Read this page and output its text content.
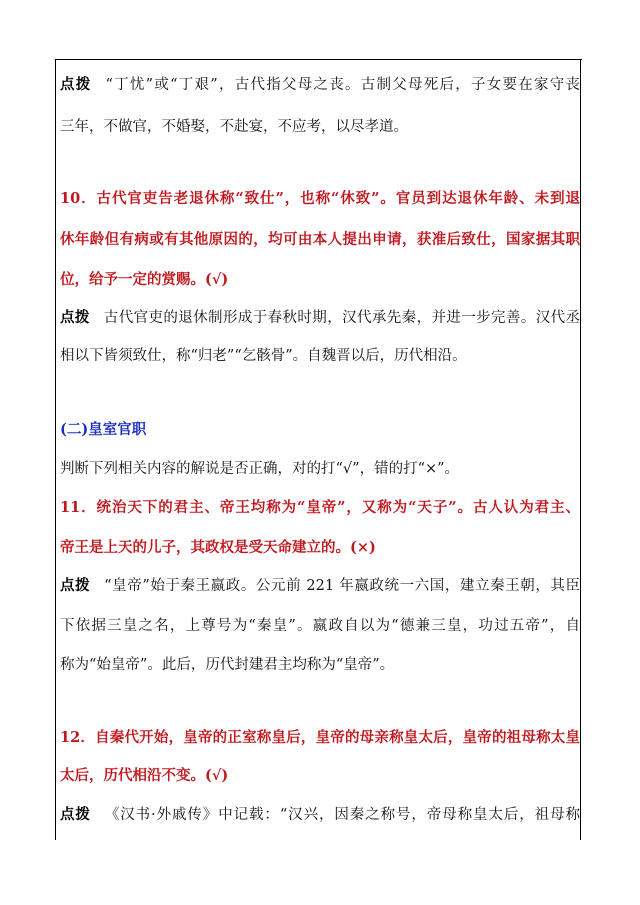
点拨 “丁忧”或“丁艰”，古代指父母之丧。古制父母死后，子女要在家守丧
三年，不做官，不婚娶，不赴宴，不应考，以尽孝道。
10．古代官吏告老退休称“致仕”，也称“休致”。官员到达退休年龄、未到退
休年龄但有病或有其他原因的，均可由本人提出申请，获准后致仕，国家据其职
位，给予一定的赏赐。(√)
点拨 古代官吏的退休制形成于春秋时期，汉代承先秦，并进一步完善。汉代丞
相以下皆须致仕，称“归老”“乞骸骨”。自魏晋以后，历代相沿。
(二)皇室官职
判断下列相关内容的解说是否正确，对的打“√”，错的打“×”。
11．统治天下的君主、帝王均称为“皇帝”，又称为“天子”。古人认为君主、
帝王是上天的儿子，其政权是受天命建立的。(×)
点拨 “皇帝”始于秦王嬴政。公元前 221 年嬴政统一六国，建立秦王朝，其臣
下依据三皇之名，上尊号为“秦皇”。嬴政自以为“德兼三皇，功过五帝”，自
称为“始皇帝”。此后，历代封建君主均称为“皇帝”。
12．自秦代开始，皇帝的正室称皇后，皇帝的母亲称皇太后，皇帝的祖母称太皇
太后，历代相沿不变。(√)
点拨 《汉书·外戚传》中记载：“汉兴，因秦之称号，帝母称皇太后，祖母称
